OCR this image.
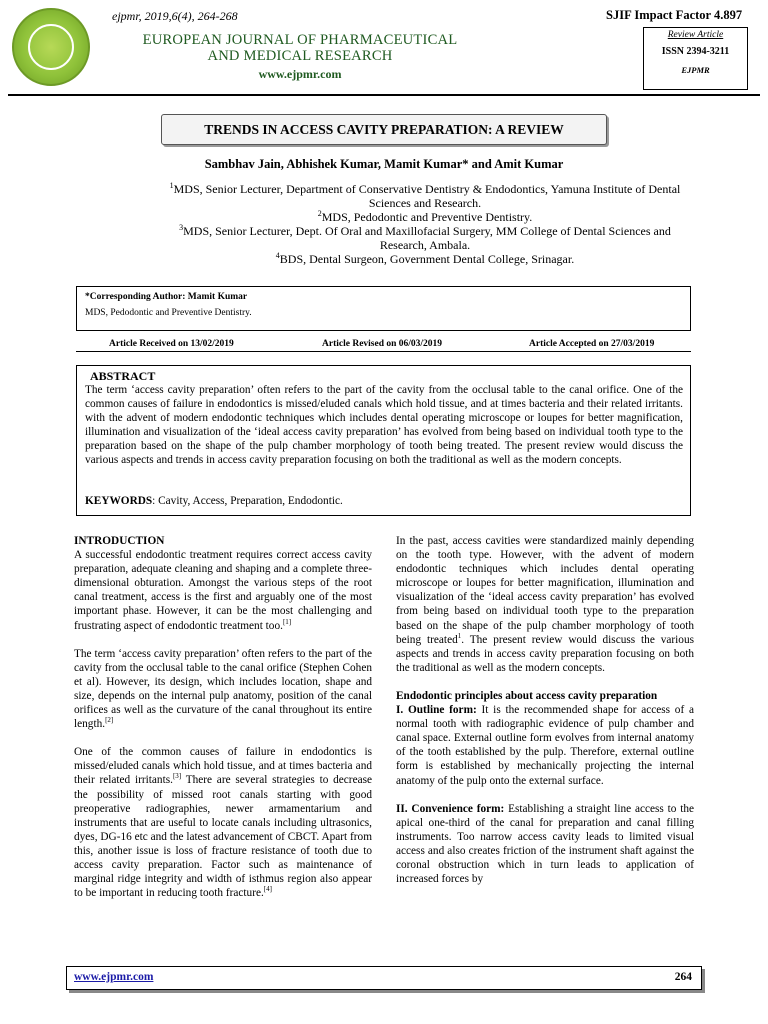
ejpmr, 2019,6(4), 264-268
EUROPEAN JOURNAL OF PHARMACEUTICAL
AND MEDICAL RESEARCH
www.ejpmr.com
SJIF Impact Factor 4.897
Review Article
ISSN 2394-3211
EJPMR
TRENDS IN ACCESS CAVITY PREPARATION: A REVIEW
Sambhav Jain, Abhishek Kumar, Mamit Kumar* and Amit Kumar
$^1$MDS, Senior Lecturer, Department of Conservative Dentistry & Endodontics, Yamuna Institute of Dental Sciences and Research.
$^2$MDS, Pedodontic and Preventive Dentistry.
$^3$MDS, Senior Lecturer, Dept. Of Oral and Maxillofacial Surgery, MM College of Dental Sciences and Research, Ambala.
$^4$BDS, Dental Surgeon, Government Dental College, Srinagar.
*Corresponding Author: Mamit Kumar
MDS, Pedodontic and Preventive Dentistry.
Article Received on 13/02/2019	Article Revised on 06/03/2019	Article Accepted on 27/03/2019
ABSTRACT
The term ‘access cavity preparation’ often refers to the part of the cavity from the occlusal table to the canal orifice. One of the common causes of failure in endodontics is missed/eluded canals which hold tissue, and at times bacteria and their related irritants. with the advent of modern endodontic techniques which includes dental operating microscope or loupes for better magnification, illumination and visualization of the ‘ideal access cavity preparation’ has evolved from being based on individual tooth type to the preparation based on the shape of the pulp chamber morphology of tooth being treated. The present review would discuss the various aspects and trends in access cavity preparation focusing on both the traditional as well as the modern concepts.
KEYWORDS: Cavity, Access, Preparation, Endodontic.
INTRODUCTION

A successful endodontic treatment requires correct access cavity preparation, adequate cleaning and shaping and a complete three-dimensional obturation. Amongst the various steps of the root canal treatment, access is the first and arguably one of the most important phase. However, it can be the most challenging and frustrating aspect of endodontic treatment too.[1]

The term ‘access cavity preparation’ often refers to the part of the cavity from the occlusal table to the canal orifice (Stephen Cohen et al). However, its design, which includes location, shape and size, depends on the internal pulp anatomy, position of the canal orifices as well as the curvature of the canal throughout its entire length.[2]

One of the common causes of failure in endodontics is missed/eluded canals which hold tissue, and at times bacteria and their related irritants.[3] There are several strategies to decrease the possibility of missed root canals starting with good preoperative radiographies, newer armamentarium and instruments that are useful to locate canals including ultrasonics, dyes, DG-16 etc and the latest advancement of CBCT. Apart from this, another issue is loss of fracture resistance of tooth due to access cavity preparation. Factor such as maintenance of marginal ridge integrity and width of isthmus region also appear to be important in reducing tooth fracture.[4]

In the past, access cavities were standardized mainly depending on the tooth type. However, with the advent of modern endodontic techniques which includes dental operating microscope or loupes for better magnification, illumination and visualization of the ‘ideal access cavity preparation’ has evolved from being based on individual tooth type to the preparation based on the shape of the pulp chamber morphology of tooth being treated$^1$. The present review would discuss the various aspects and trends in access cavity preparation focusing on both the traditional as well as the modern concepts.

Endodontic principles about access cavity preparation

I. Outline form: It is the recommended shape for access of a normal tooth with radiographic evidence of pulp chamber and canal space. External outline form evolves from internal anatomy of the tooth established by the pulp. Therefore, external outline form is established by mechanically projecting the internal anatomy of the pulp onto the external surface.

II. Convenience form: Establishing a straight line access to the apical one-third of the canal for preparation and canal filling instruments. Too narrow access cavity leads to limited visual access and also creates friction of the instrument shaft against the coronal obstruction which in turn leads to application of increased forces by

www.ejpmr.com	264
